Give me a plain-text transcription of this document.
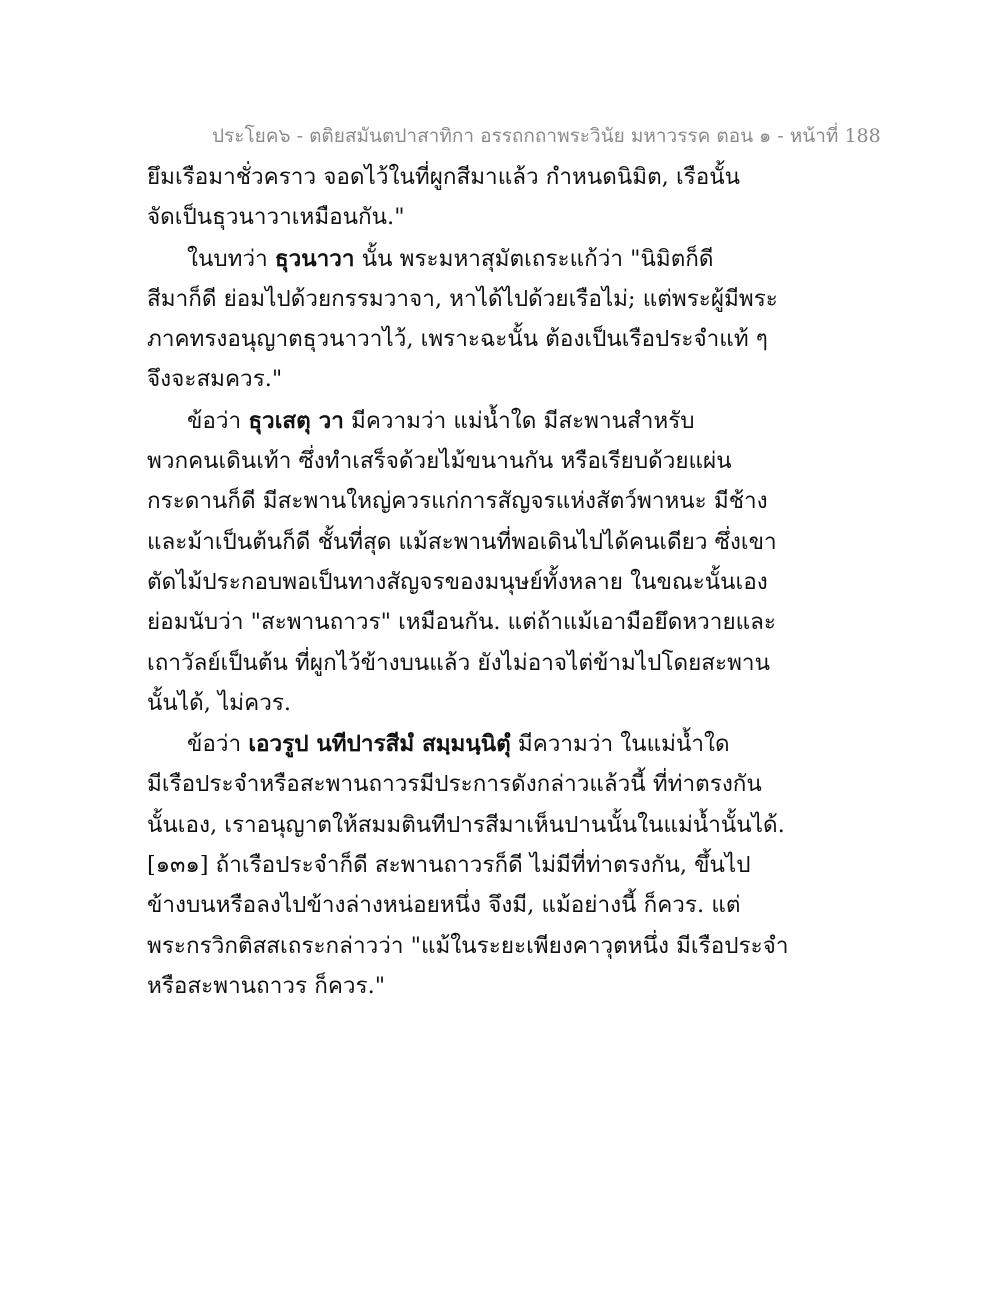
ประโยค๖ - ตติยสมันตปาสาทิกา อรรถกถาพระวินัย มหาวรรค ตอน ๑ - หน้าที่ 188
ยึมเรือมาชั่วคราว จอดไว้ในที่ผูกสีมาแล้ว กำหนดนิมิต, เรือนั้น
จัดเป็นธุวนาวาเหมือนกัน."
ในบทว่า ธุวนาวา นั้น พระมหาสุมัตเถระแก้ว่า "นิมิตก็ดี
สีมาก็ดี ย่อมไปด้วยกรรมวาจา, หาได้ไปด้วยเรือไม่; แต่พระผู้มีพระ
ภาคทรงอนุญาตธุวนาวาไว้, เพราะฉะนั้น ต้องเป็นเรือประจำแท้ ๆ
จึงจะสมควร."
ข้อว่า ธุวเสตุ วา มีความว่า แม่น้ำใด มีสะพานสำหรับ
พวกคนเดินเท้า ซึ่งทำเสร็จด้วยไม้ขนานกัน หรือเรียบด้วยแผ่น
กระดานก็ดี มีสะพานใหญ่ควรแก่การสัญจรแห่งสัตว์พาหนะ มีช้าง
และม้าเป็นต้นก็ดี ชั้นที่สุด แม้สะพานที่พอเดินไปได้คนเดียว ซึ่งเขา
ตัดไม้ประกอบพอเป็นทางสัญจรของมนุษย์ทั้งหลาย ในขณะนั้นเอง
ย่อมนับว่า "สะพานถาวร" เหมือนกัน. แต่ถ้าแม้เอามือยึดหวายและ
เถาวัลย์เป็นต้น ที่ผูกไว้ข้างบนแล้ว ยังไม่อาจไต่ข้ามไปโดยสะพาน
นั้นได้, ไม่ควร.
ข้อว่า เอวรูป นทีปารสีมํ สมฺมนฺนิตุํ มีความว่า ในแม่น้ำใด
มีเรือประจำหรือสะพานถาวรมีประการดังกล่าวแล้วนี้ ที่ท่าตรงกัน
นั้นเอง, เราอนุญาตให้สมมตินทีปารสีมาเห็นปานนั้นในแม่น้ำนั้นได้.
[๑๓๑] ถ้าเรือประจำก็ดี สะพานถาวรก็ดี ไม่มีที่ท่าตรงกัน, ขึ้นไป
ข้างบนหรือลงไปข้างล่างหน่อยหนึ่ง จึงมี, แม้อย่างนี้ ก็ควร. แต่
พระกรวิกติสสเถระกล่าวว่า "แม้ในระยะเพียงคาวุตหนึ่ง มีเรือประจำ
หรือสะพานถาวร ก็ควร."
